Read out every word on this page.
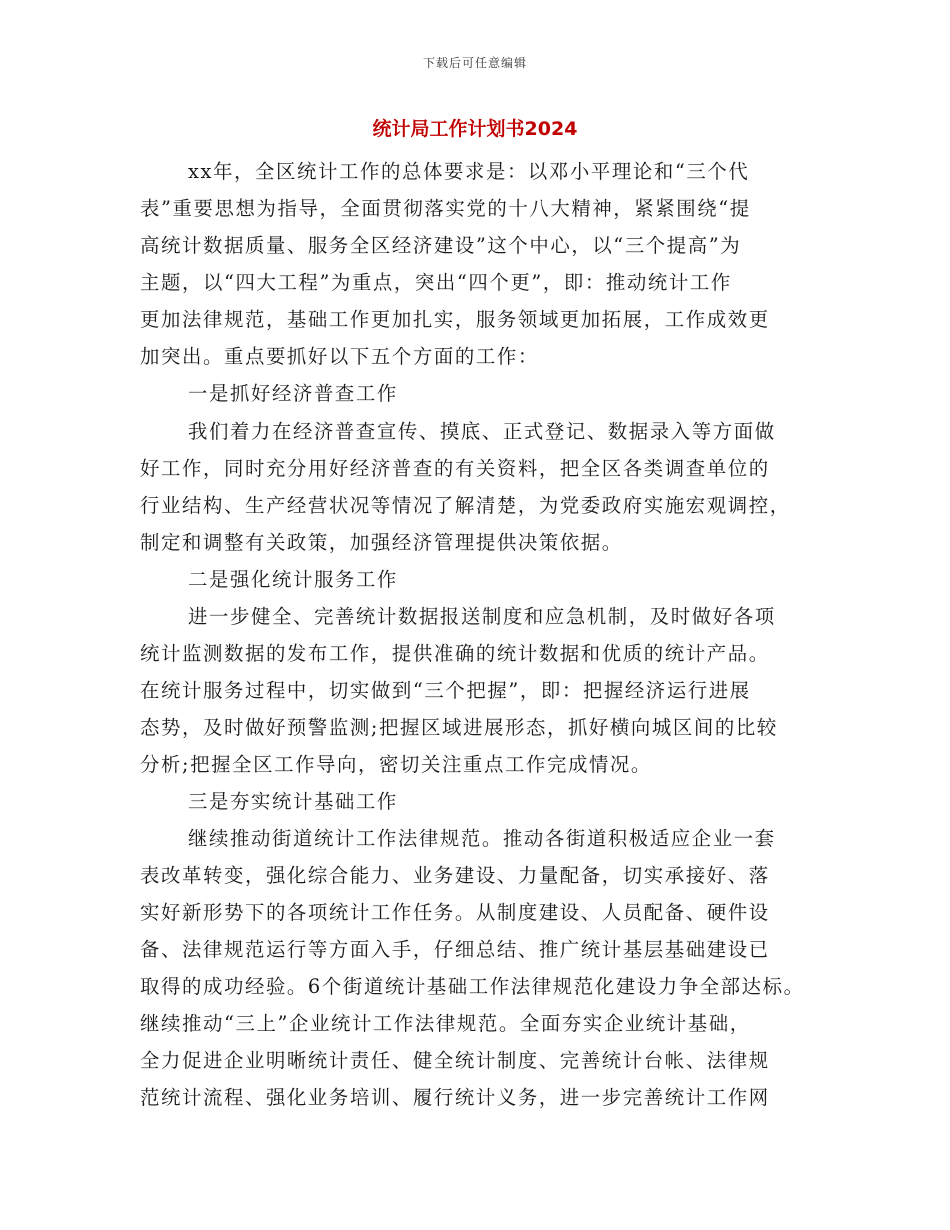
下载后可任意编辑
统计局工作计划书2024
xx年，全区统计工作的总体要求是：以邓小平理论和“三个代
表”重要思想为指导，全面贯彻落实党的十八大精神，紧紧围绕“提
高统计数据质量、服务全区经济建设”这个中心，以“三个提高”为
主题，以“四大工程”为重点，突出“四个更”，即：推动统计工作
更加法律规范，基础工作更加扎实，服务领域更加拓展，工作成效更
加突出。重点要抓好以下五个方面的工作：
一是抓好经济普查工作
我们着力在经济普查宣传、摸底、正式登记、数据录入等方面做
好工作，同时充分用好经济普查的有关资料，把全区各类调查单位的
行业结构、生产经营状况等情况了解清楚，为党委政府实施宏观调控，
制定和调整有关政策，加强经济管理提供决策依据。
二是强化统计服务工作
进一步健全、完善统计数据报送制度和应急机制，及时做好各项
统计监测数据的发布工作，提供准确的统计数据和优质的统计产品。
在统计服务过程中，切实做到“三个把握”，即：把握经济运行进展
态势，及时做好预警监测;把握区域进展形态，抓好横向城区间的比较
分析;把握全区工作导向，密切关注重点工作完成情况。
三是夯实统计基础工作
继续推动街道统计工作法律规范。推动各街道积极适应企业一套
表改革转变，强化综合能力、业务建设、力量配备，切实承接好、落
实好新形势下的各项统计工作任务。从制度建设、人员配备、硬件设
备、法律规范运行等方面入手，仔细总结、推广统计基层基础建设已
取得的成功经验。6个街道统计基础工作法律规范化建设力争全部达标。
继续推动“三上”企业统计工作法律规范。全面夯实企业统计基础，
全力促进企业明晰统计责任、健全统计制度、完善统计台帐、法律规
范统计流程、强化业务培训、履行统计义务，进一步完善统计工作网
